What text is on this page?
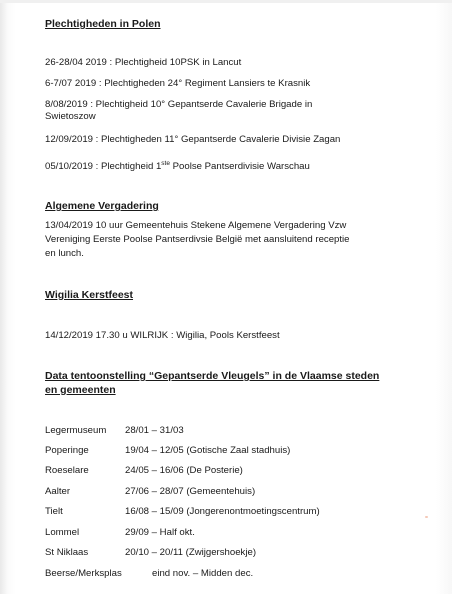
Plechtigheden in Polen
26-28/04 2019 : Plechtigheid 10PSK in Lancut
6-7/07 2019 : Plechtigheden 24° Regiment Lansiers te Krasnik
8/08/2019 : Plechtigheid 10° Gepantserde Cavalerie Brigade in
Swietoszow
12/09/2019 : Plechtigheden 11° Gepantserde Cavalerie Divisie Zagan
05/10/2019 : Plechtigheid 1ste Poolse Pantserdivisie Warschau
Algemene Vergadering
13/04/2019 10 uur Gemeentehuis Stekene Algemene Vergadering Vzw
Vereniging Eerste Poolse Pantserdivsie België met aansluitend receptie
en lunch.
Wigilia Kerstfeest
14/12/2019 17.30 u WILRIJK : Wigilia, Pools Kerstfeest
Data tentoonstelling “Gepantserde Vleugels” in de Vlaamse steden
en gemeenten
Legermuseum 28/01 – 31/03
Poperinge	19/04 – 12/05 (Gotische Zaal stadhuis)
Roeselare	24/05 – 16/06 (De Posterie)
Aalter	27/06 – 28/07 (Gemeentehuis)
Tielt	16/08 – 15/09 (Jongerenontmoetingscentrum)
Lommel	29/09 – Half okt.
St Niklaas	20/10 – 20/11 (Zwijgershoekje)
Beerse/Merksplas	eind nov. – Midden dec.
